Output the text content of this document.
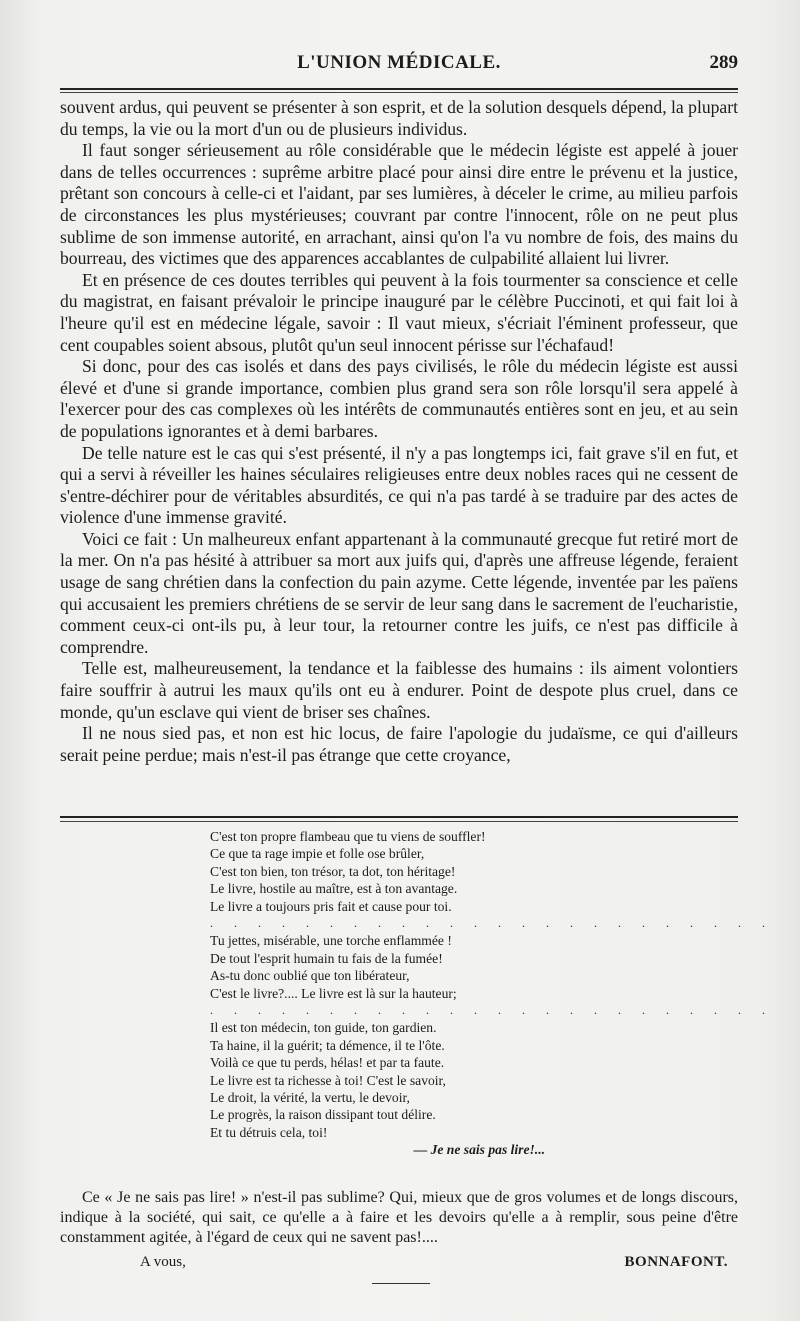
L'UNION MÉDICALE.	289

souvent ardus, qui peuvent se présenter à son esprit, et de la solution desquels dépend, la plupart du temps, la vie ou la mort d'un ou de plusieurs individus.

Il faut songer sérieusement au rôle considérable que le médecin légiste est appelé à jouer dans de telles occurrences : suprême arbitre placé pour ainsi dire entre le prévenu et la justice, prêtant son concours à celle-ci et l'aidant, par ses lumières, à déceler le crime, au milieu parfois de circonstances les plus mystérieuses; couvrant par contre l'innocent, rôle on ne peut plus sublime de son immense autorité, en arrachant, ainsi qu'on l'a vu nombre de fois, des mains du bourreau, des victimes que des apparences accablantes de culpabilité allaient lui livrer.

Et en présence de ces doutes terribles qui peuvent à la fois tourmenter sa conscience et celle du magistrat, en faisant prévaloir le principe inauguré par le célèbre Puccinoti, et qui fait loi à l'heure qu'il est en médecine légale, savoir : Il vaut mieux, s'écriait l'éminent professeur, que cent coupables soient absous, plutôt qu'un seul innocent périsse sur l'échafaud!

Si donc, pour des cas isolés et dans des pays civilisés, le rôle du médecin légiste est aussi élevé et d'une si grande importance, combien plus grand sera son rôle lorsqu'il sera appelé à l'exercer pour des cas complexes où les intérêts de communautés entières sont en jeu, et au sein de populations ignorantes et à demi barbares.

De telle nature est le cas qui s'est présenté, il n'y a pas longtemps ici, fait grave s'il en fut, et qui a servi à réveiller les haines séculaires religieuses entre deux nobles races qui ne cessent de s'entre-déchirer pour de véritables absurdités, ce qui n'a pas tardé à se traduire par des actes de violence d'une immense gravité.

Voici ce fait : Un malheureux enfant appartenant à la communauté grecque fut retiré mort de la mer. On n'a pas hésité à attribuer sa mort aux juifs qui, d'après une affreuse légende, feraient usage de sang chrétien dans la confection du pain azyme. Cette légende, inventée par les païens qui accusaient les premiers chrétiens de se servir de leur sang dans le sacrement de l'eucharistie, comment ceux-ci ont-ils pu, à leur tour, la retourner contre les juifs, ce n'est pas difficile à comprendre.

Telle est, malheureusement, la tendance et la faiblesse des humains : ils aiment volontiers faire souffrir à autrui les maux qu'ils ont eu à endurer. Point de despote plus cruel, dans ce monde, qu'un esclave qui vient de briser ses chaînes.

Il ne nous sied pas, et non est hic locus, de faire l'apologie du judaïsme, ce qui d'ailleurs serait peine perdue; mais n'est-il pas étrange que cette croyance,

C'est ton propre flambeau que tu viens de souffler!
Ce que ta rage impie et folle ose brûler,
C'est ton bien, ton trésor, ta dot, ton héritage!
Le livre, hostile au maître, est à ton avantage.
Le livre a toujours pris fait et cause pour toi.
. . . . . . . . . . . . . . . . . . . . . . . .
Tu jettes, misérable, une torche enflammée !
De tout l'esprit humain tu fais de la fumée!
As-tu donc oublié que ton libérateur,
C'est le livre?.... Le livre est là sur la hauteur;
. . . . . . . . . . . . . . . . . . . . . . . .
Il est ton médecin, ton guide, ton gardien.
Ta haine, il la guérit; ta démence, il te l'ôte.
Voilà ce que tu perds, hélas! et par ta faute.
Le livre est ta richesse à toi! C'est le savoir,
Le droit, la vérité, la vertu, le devoir,
Le progrès, la raison dissipant tout délire.
Et tu détruis cela, toi!
— Je ne sais pas lire!...

Ce « Je ne sais pas lire! » n'est-il pas sublime? Qui, mieux que de gros volumes et de longs discours, indique à la société, qui sait, ce qu'elle a à faire et les devoirs qu'elle a à remplir, sous peine d'être constamment agitée, à l'égard de ceux qui ne savent pas!....

A vous,	BONNAFONT.
